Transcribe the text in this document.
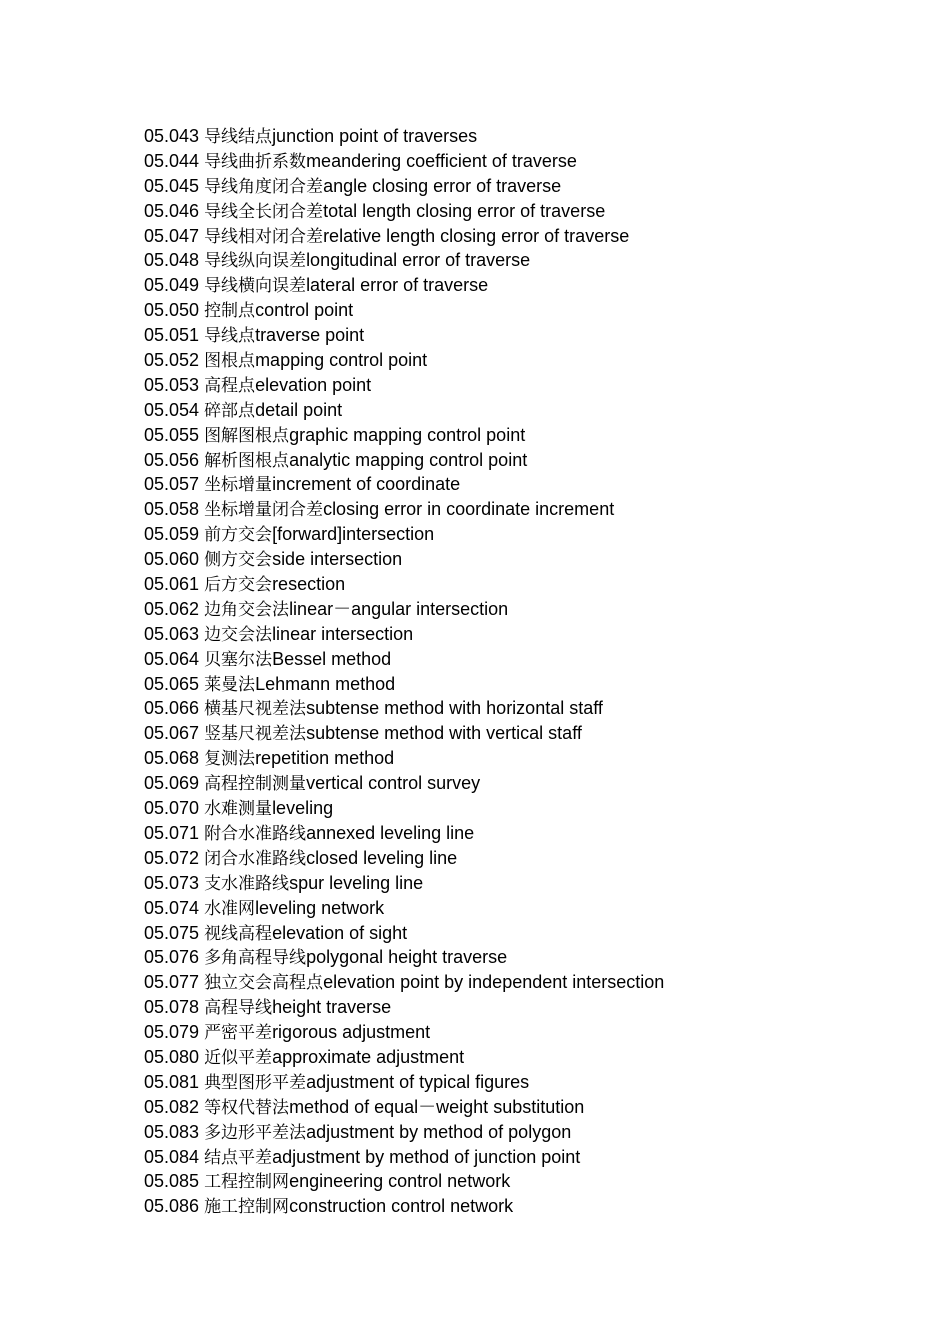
05.043 导线结点junction point of traverses
05.044 导线曲折系数meandering coefficient of traverse
05.045 导线角度闭合差angle closing error of traverse
05.046 导线全长闭合差total length closing error of traverse
05.047 导线相对闭合差relative length closing error of traverse
05.048 导线纵向误差longitudinal error of traverse
05.049 导线横向误差lateral error of traverse
05.050 控制点control point
05.051 导线点traverse point
05.052 图根点mapping control point
05.053 高程点elevation point
05.054 碎部点detail point
05.055 图解图根点graphic mapping control point
05.056 解析图根点analytic mapping control point
05.057 坐标增量increment of coordinate
05.058 坐标增量闭合差closing error in coordinate increment
05.059 前方交会[forward]intersection
05.060 侧方交会side intersection
05.061 后方交会resection
05.062 边角交会法linear－angular intersection
05.063 边交会法linear intersection
05.064 贝塞尔法Bessel method
05.065 莱曼法Lehmann method
05.066 横基尺视差法subtense method with horizontal staff
05.067 竖基尺视差法subtense method with vertical staff
05.068 复测法repetition method
05.069 高程控制测量vertical control survey
05.070 水难测量leveling
05.071 附合水准路线annexed leveling line
05.072 闭合水准路线closed leveling line
05.073 支水准路线spur leveling line
05.074 水准网leveling network
05.075 视线高程elevation of sight
05.076 多角高程导线polygonal height traverse
05.077 独立交会高程点elevation point by independent intersection
05.078 高程导线height traverse
05.079 严密平差rigorous adjustment
05.080 近似平差approximate adjustment
05.081 典型图形平差adjustment of typical figures
05.082 等权代替法method of equal－weight substitution
05.083 多边形平差法adjustment by method of polygon
05.084 结点平差adjustment by method of junction point
05.085 工程控制网engineering control network
05.086 施工控制网construction control network
